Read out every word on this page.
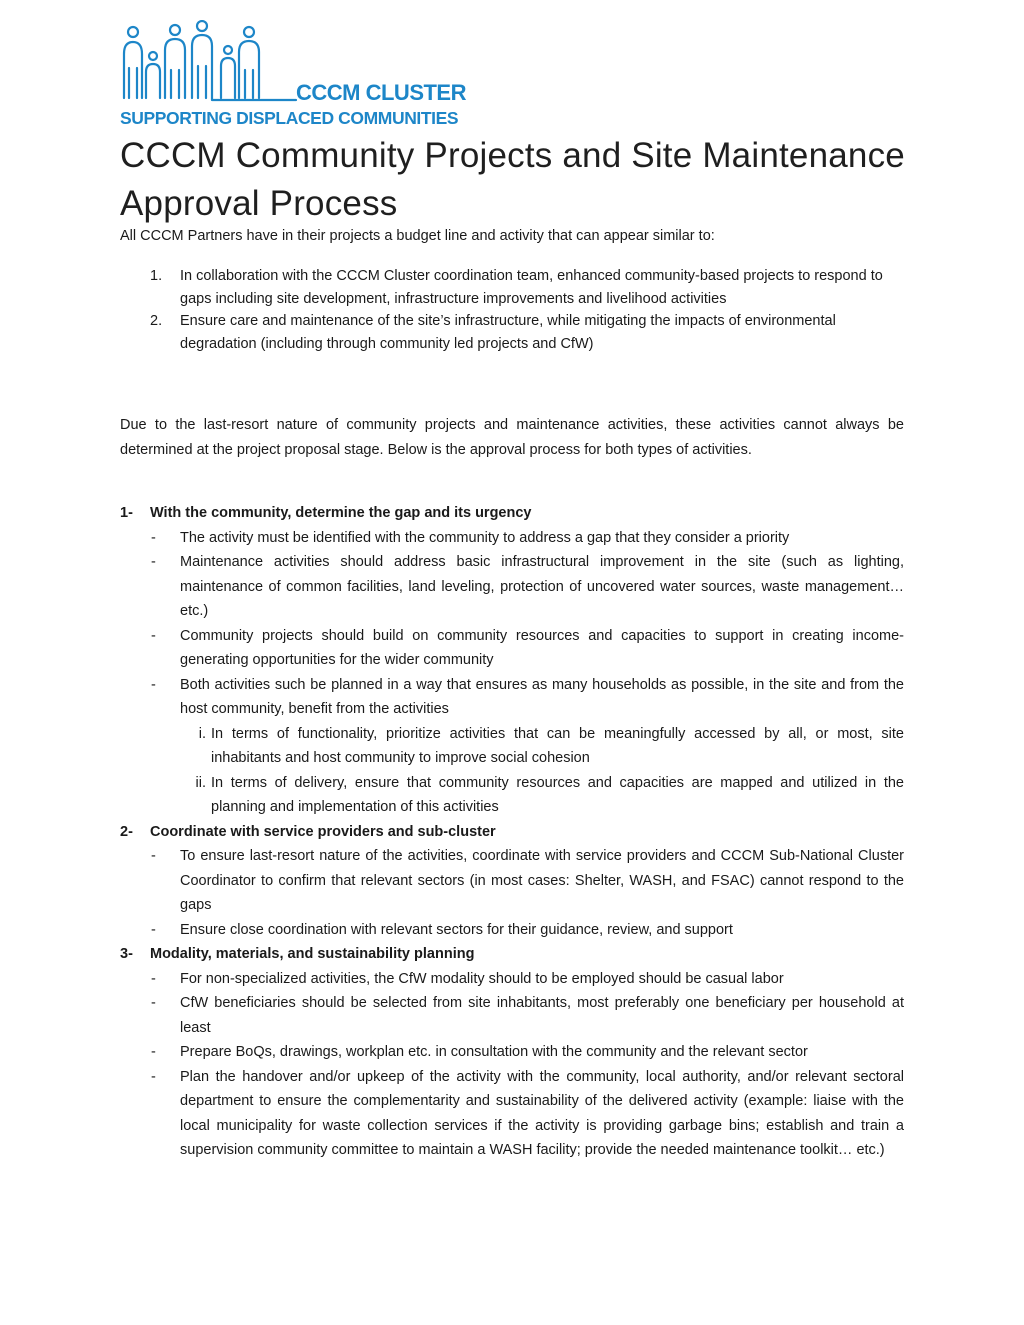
CCCM CLUSTER
SUPPORTING DISPLACED COMMUNITIES
CCCM Community Projects and Site Maintenance Approval Process

All CCCM Partners have in their projects a budget line and activity that can appear similar to:

1. In collaboration with the CCCM Cluster coordination team, enhanced community-based projects to respond to gaps including site development, infrastructure improvements and livelihood activities
2. Ensure care and maintenance of the site’s infrastructure, while mitigating the impacts of environmental degradation (including through community led projects and CfW)

Due to the last-resort nature of community projects and maintenance activities, these activities cannot always be determined at the project proposal stage. Below is the approval process for both types of activities.

1- With the community, determine the gap and its urgency
- The activity must be identified with the community to address a gap that they consider a priority
- Maintenance activities should address basic infrastructural improvement in the site (such as lighting, maintenance of common facilities, land leveling, protection of uncovered water sources, waste management… etc.)
- Community projects should build on community resources and capacities to support in creating income-generating opportunities for the wider community
- Both activities such be planned in a way that ensures as many households as possible, in the site and from the host community, benefit from the activities
i. In terms of functionality, prioritize activities that can be meaningfully accessed by all, or most, site inhabitants and host community to improve social cohesion
ii. In terms of delivery, ensure that community resources and capacities are mapped and utilized in the planning and implementation of this activities
2- Coordinate with service providers and sub-cluster
- To ensure last-resort nature of the activities, coordinate with service providers and CCCM Sub-National Cluster Coordinator to confirm that relevant sectors (in most cases: Shelter, WASH, and FSAC) cannot respond to the gaps
- Ensure close coordination with relevant sectors for their guidance, review, and support
3- Modality, materials, and sustainability planning
- For non-specialized activities, the CfW modality should to be employed should be casual labor
- CfW beneficiaries should be selected from site inhabitants, most preferably one beneficiary per household at least
- Prepare BoQs, drawings, workplan etc. in consultation with the community and the relevant sector
- Plan the handover and/or upkeep of the activity with the community, local authority, and/or relevant sectoral department to ensure the complementarity and sustainability of the delivered activity (example: liaise with the local municipality for waste collection services if the activity is providing garbage bins; establish and train a supervision community committee to maintain a WASH facility; provide the needed maintenance toolkit… etc.)
